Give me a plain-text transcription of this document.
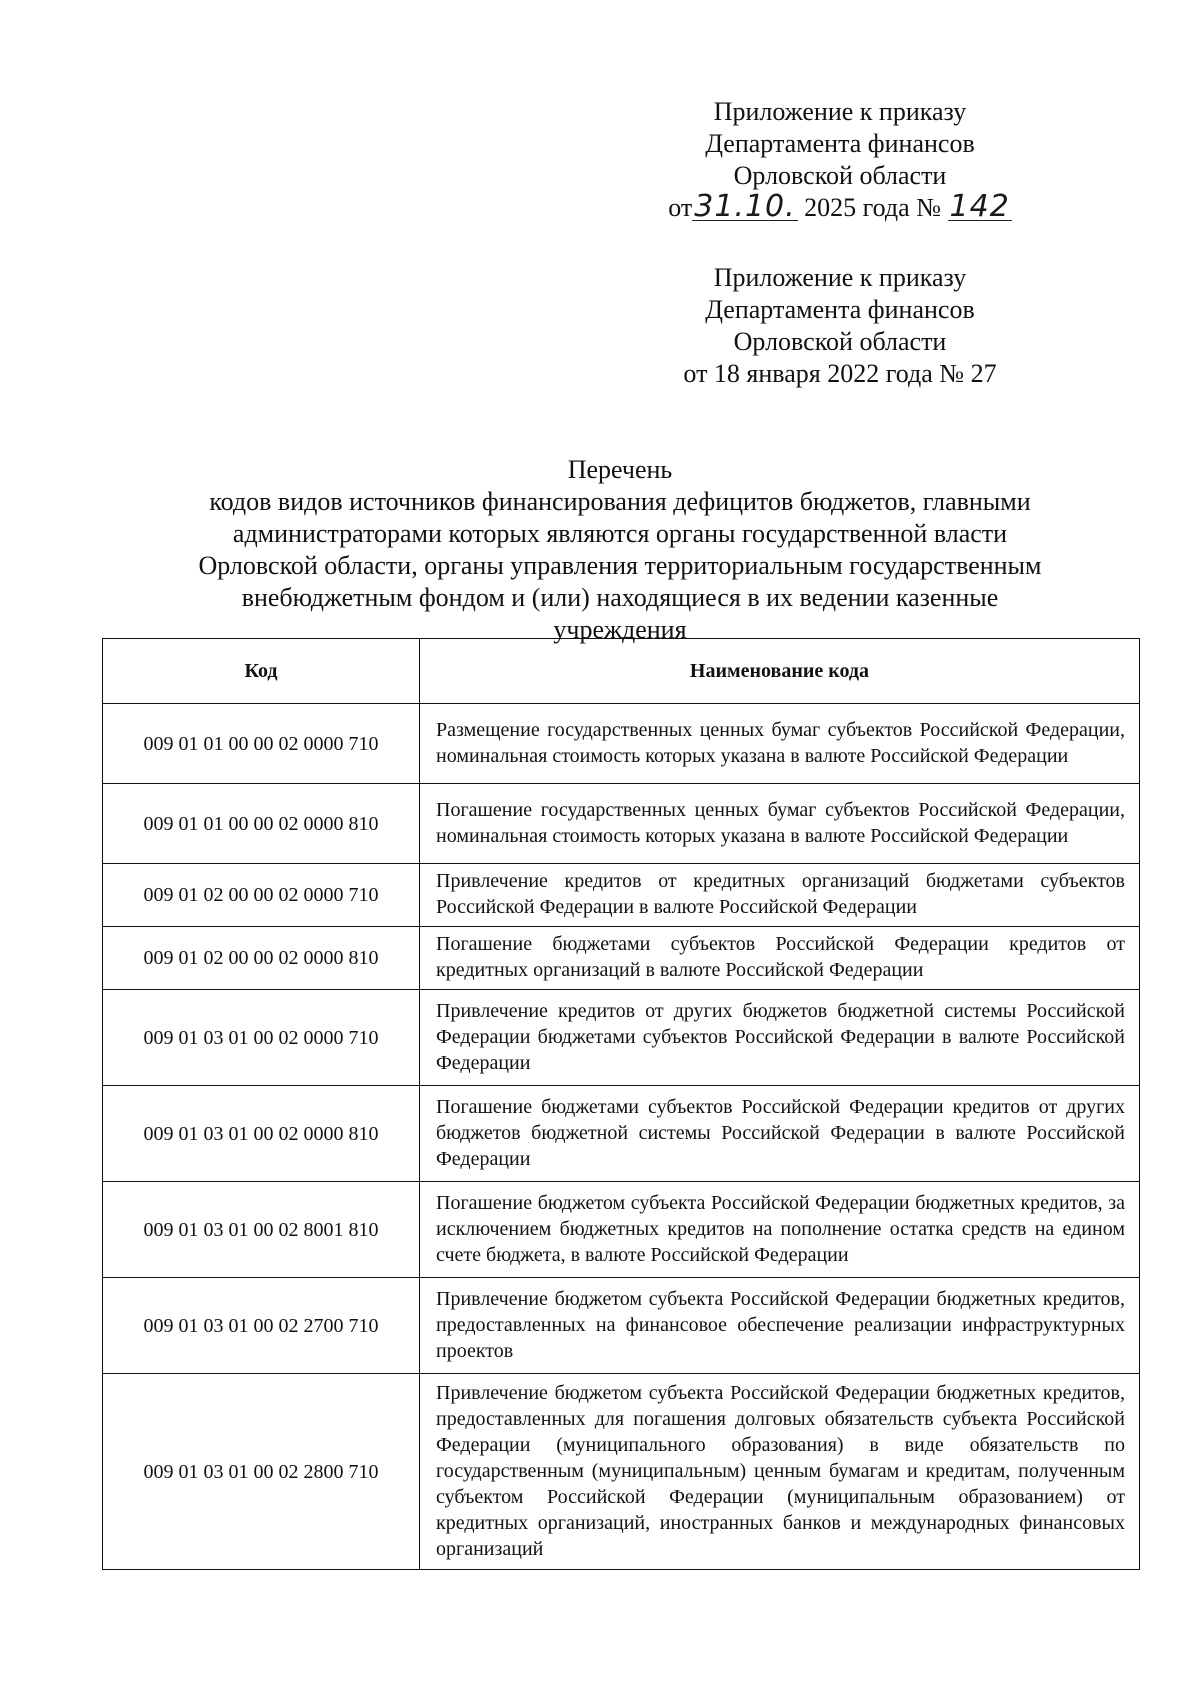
Приложение к приказу
Департамента финансов
Орловской области
от31.10. 2025 года № 142
Приложение к приказу
Департамента финансов
Орловской области
от 18 января 2022 года № 27
Перечень
кодов видов источников финансирования дефицитов бюджетов, главными
администраторами которых являются органы государственной власти
Орловской области, органы управления территориальным государственным
внебюджетным фондом и (или) находящиеся в их ведении казенные
учреждения
Код	Наименование кода
009 01 01 00 00 02 0000 710	Размещение государственных ценных бумаг субъектов Российской Федерации, номинальная стоимость которых указана в валюте Российской Федерации
009 01 01 00 00 02 0000 810	Погашение государственных ценных бумаг субъектов Российской Федерации, номинальная стоимость которых указана в валюте Российской Федерации
009 01 02 00 00 02 0000 710	Привлечение кредитов от кредитных организаций бюджетами субъектов Российской Федерации в валюте Российской Федерации
009 01 02 00 00 02 0000 810	Погашение бюджетами субъектов Российской Федерации кредитов от кредитных организаций в валюте Российской Федерации
009 01 03 01 00 02 0000 710	Привлечение кредитов от других бюджетов бюджетной системы Российской Федерации бюджетами субъектов Российской Федерации в валюте Российской Федерации
009 01 03 01 00 02 0000 810	Погашение бюджетами субъектов Российской Федерации кредитов от других бюджетов бюджетной системы Российской Федерации в валюте Российской Федерации
009 01 03 01 00 02 8001 810	Погашение бюджетом субъекта Российской Федерации бюджетных кредитов, за исключением бюджетных кредитов на пополнение остатка средств на едином счете бюджета, в валюте Российской Федерации
009 01 03 01 00 02 2700 710	Привлечение бюджетом субъекта Российской Федерации бюджетных кредитов, предоставленных на финансовое обеспечение реализации инфраструктурных проектов
009 01 03 01 00 02 2800 710	Привлечение бюджетом субъекта Российской Федерации бюджетных кредитов, предоставленных для погашения долговых обязательств субъекта Российской Федерации (муниципального образования) в виде обязательств по государственным (муниципальным) ценным бумагам и кредитам, полученным субъектом Российской Федерации (муниципальным образованием) от кредитных организаций, иностранных банков и международных финансовых организаций
